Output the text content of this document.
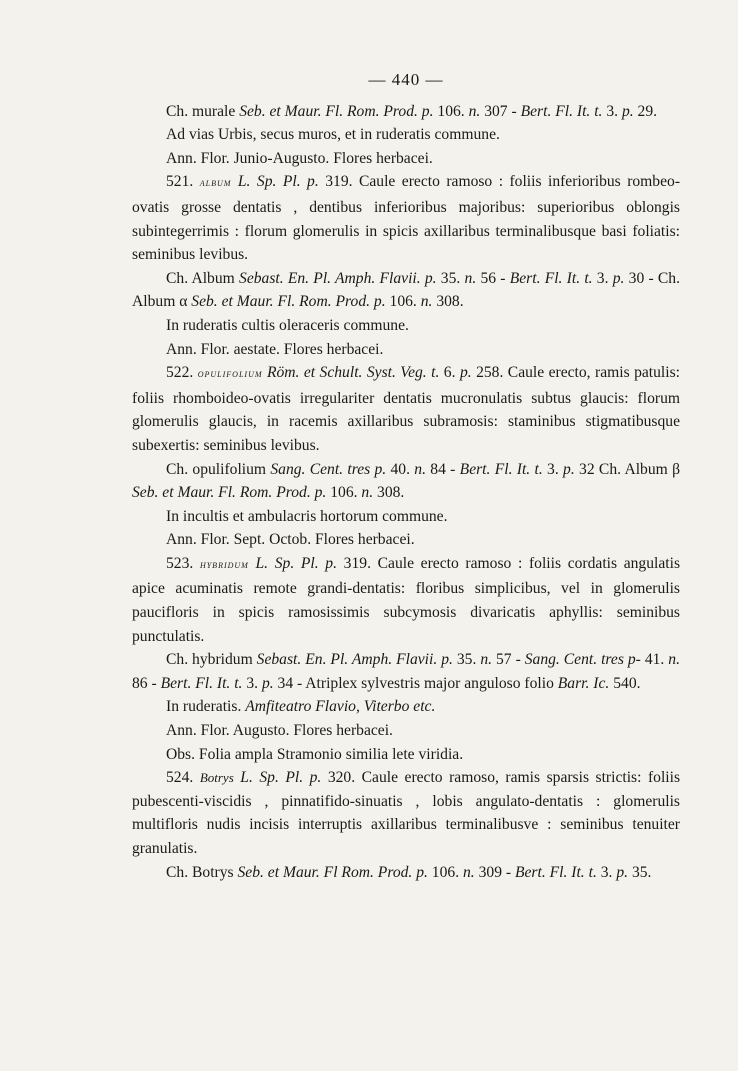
— 440 —

Ch. murale Seb. et Maur. Fl. Rom. Prod. p. 106. n. 307 - Bert. Fl. It. t. 3. p. 29.

Ad vias Urbis, secus muros, et in ruderatis commune.

Ann. Flor. Junio-Augusto. Flores herbacei.

521. album L. Sp. Pl. p. 319. Caule erecto ramoso : foliis inferioribus rombeo-ovatis grosse dentatis , dentibus inferioribus majoribus: superioribus oblongis subintegerrimis : florum glomerulis in spicis axillaribus terminalibusque basi foliatis: seminibus levibus.

Ch. Album Sebast. En. Pl. Amph. Flavii. p. 35. n. 56 - Bert. Fl. It. t. 3. p. 30 - Ch. Album α Seb. et Maur. Fl. Rom. Prod. p. 106. n. 308.

In ruderatis cultis oleraceris commune.

Ann. Flor. aestate. Flores herbacei.

522. opulifolium Röm. et Schult. Syst. Veg. t. 6. p. 258. Caule erecto, ramis patulis: foliis rhomboideo-ovatis irregulariter dentatis mucronulatis subtus glaucis: florum glomerulis glaucis, in racemis axillaribus subramosis: staminibus stigmatibusque subexertis: seminibus levibus.

Ch. opulifolium Sang. Cent. tres p. 40. n. 84 - Bert. Fl. It. t. 3. p. 32 Ch. Album β Seb. et Maur. Fl. Rom. Prod. p. 106. n. 308.

In incultis et ambulacris hortorum commune.

Ann. Flor. Sept. Octob. Flores herbacei.

523. hybridum L. Sp. Pl. p. 319. Caule erecto ramoso : foliis cordatis angulatis apice acuminatis remote grandi-dentatis: floribus simplicibus, vel in glomerulis paucifloris in spicis ramosissimis subcymosis divaricatis aphyllis: seminibus punctulatis.

Ch. hybridum Sebast. En. Pl. Amph. Flavii. p. 35. n. 57 - Sang. Cent. tres p- 41. n. 86 - Bert. Fl. It. t. 3. p. 34 - Atriplex sylvestris major anguloso folio Barr. Ic. 540.

In ruderatis. Amfiteatro Flavio, Viterbo etc.

Ann. Flor. Augusto. Flores herbacei.

Obs. Folia ampla Stramonio similia lete viridia.

524. Botrys L. Sp. Pl. p. 320. Caule erecto ramoso, ramis sparsis strictis: foliis pubescenti-viscidis , pinnatifido-sinuatis , lobis angulato-dentatis : glomerulis multifloris nudis incisis interruptis axillaribus terminalibusve : seminibus tenuiter granulatis.

Ch. Botrys Seb. et Maur. Fl Rom. Prod. p. 106. n. 309 - Bert. Fl. It. t. 3. p. 35.
